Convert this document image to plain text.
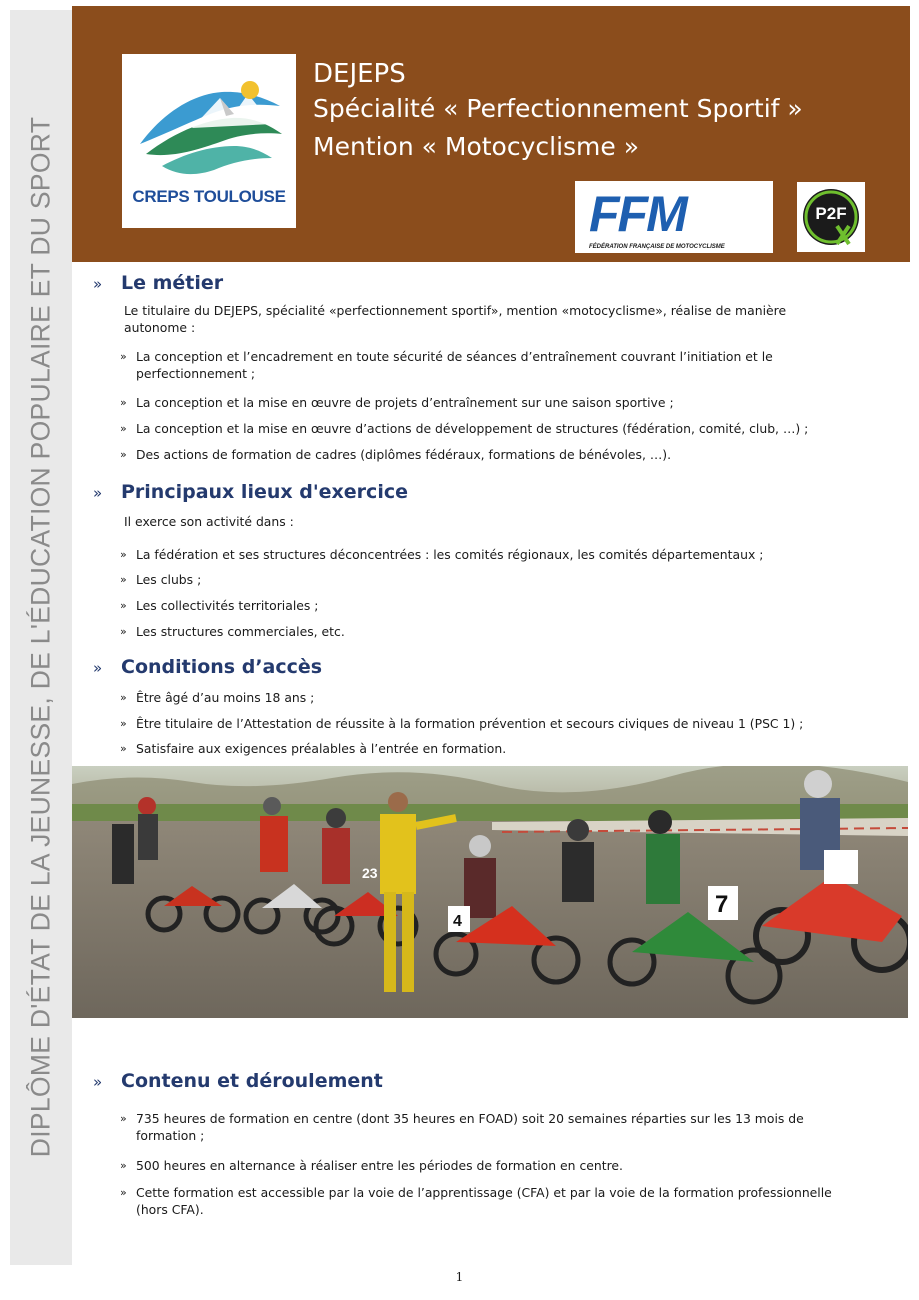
DIPLÔME D'ÉTAT DE LA JEUNESSE, DE L'ÉDUCATION POPULAIRE ET DU SPORT	CREPS TOULOUSE
DEJEPS
Spécialité « Perfectionnement Sportif »
Mention « Motocyclisme »
FFM
FÉDÉRATION FRANÇAISE DE MOTOCYCLISME
P2F
» Le métier
Le titulaire du DEJEPS, spécialité «perfectionnement sportif», mention «motocyclisme», réalise de manière
autonome :
» La conception et l’encadrement en toute sécurité de séances d’entraînement couvrant l’initiation et le
perfectionnement ;
» La conception et la mise en œuvre de projets d’entraînement sur une saison sportive ;
» La conception et la mise en œuvre d’actions de développement de structures (fédération, comité, club, …) ;
» Des actions de formation de cadres (diplômes fédéraux, formations de bénévoles, …).
» Principaux lieux d'exercice
Il exerce son activité dans :
» La fédération et ses structures déconcentrées : les comités régionaux, les comités départementaux ;
» Les clubs ;
» Les collectivités territoriales ;
» Les structures commerciales, etc.
» Conditions d’accès
» Être âgé d’au moins 18 ans ;
» Être titulaire de l’Attestation de réussite à la formation prévention et secours civiques de niveau 1 (PSC 1) ;
» Satisfaire aux exigences préalables à l’entrée en formation.
4
7
23
» Contenu et déroulement
» 735 heures de formation en centre (dont 35 heures en FOAD) soit 20 semaines réparties sur les 13 mois de
formation ;
» 500 heures en alternance à réaliser entre les périodes de formation en centre.
» Cette formation est accessible par la voie de l’apprentissage (CFA) et par la voie de la formation professionnelle
(hors CFA).
1
